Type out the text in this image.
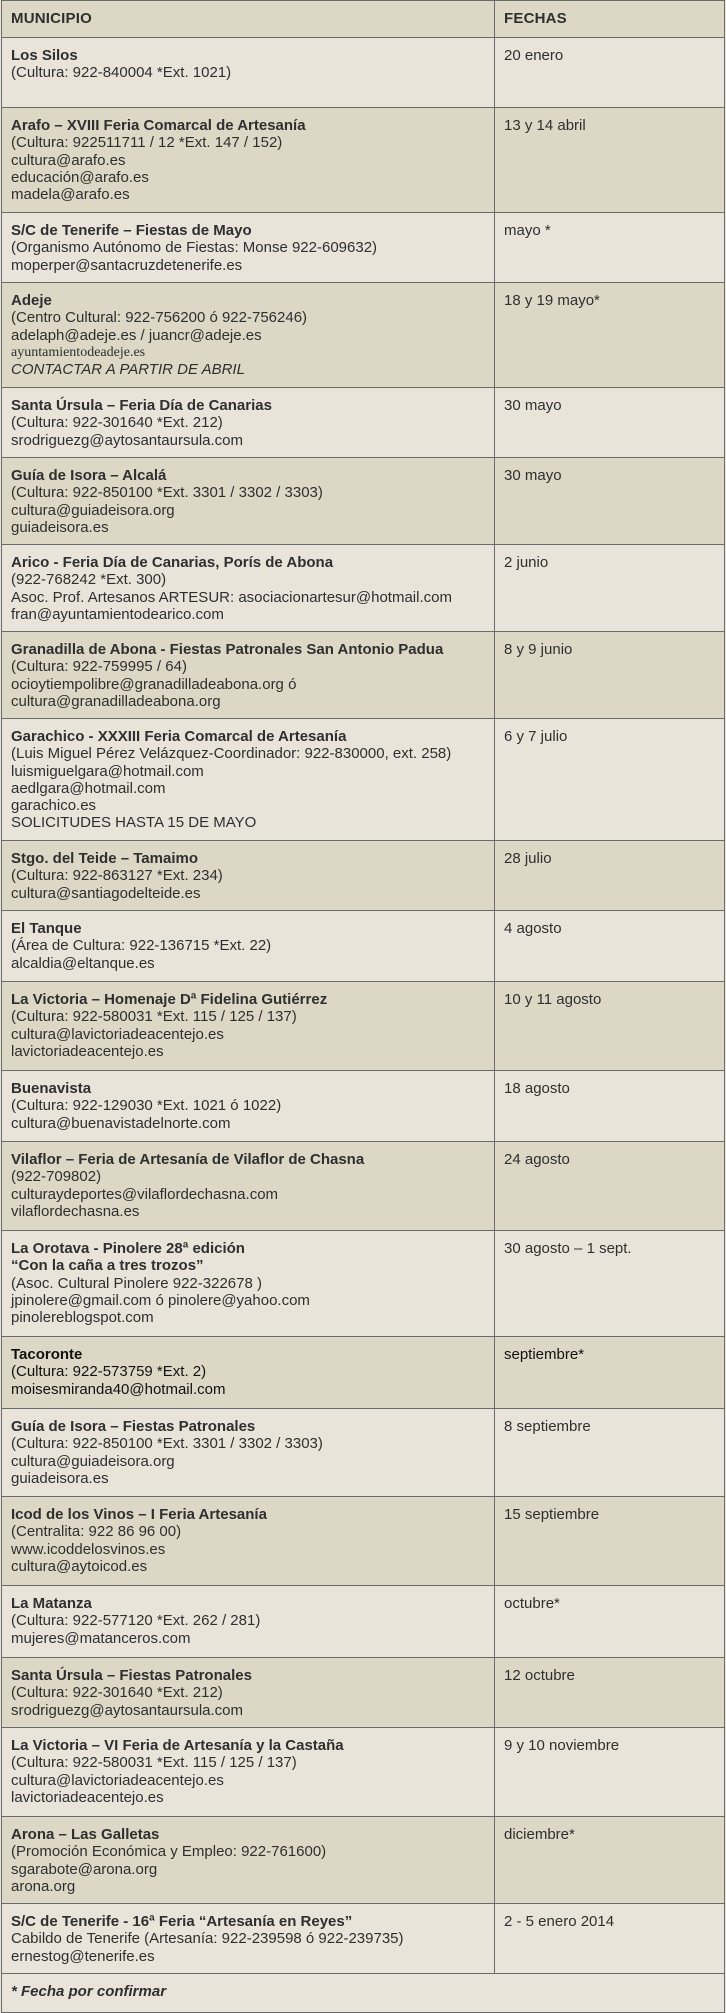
MUNICIPIO	FECHAS
Los Silos
(Cultura: 922-840004 *Ext. 1021)
20 enero
Arafo – XVIII Feria Comarcal de Artesanía
(Cultura: 922511711 / 12 *Ext. 147 / 152)
cultura@arafo.es
educación@arafo.es
madela@arafo.es
13 y 14 abril
S/C de Tenerife – Fiestas de Mayo
(Organismo Autónomo de Fiestas: Monse 922-609632)
moperper@santacruzdetenerife.es
mayo *
Adeje
(Centro Cultural: 922-756200 ó 922-756246)
adelaph@adeje.es / juancr@adeje.es
ayuntamientodeadeje.es
CONTACTAR A PARTIR DE ABRIL
18 y 19 mayo*
Santa Úrsula – Feria Día de Canarias
(Cultura: 922-301640 *Ext. 212)
srodriguezg@aytosantaursula.com
30 mayo
Guía de Isora – Alcalá
(Cultura: 922-850100 *Ext. 3301 / 3302 / 3303)
cultura@guiadeisora.org
guiadeisora.es
30 mayo
Arico - Feria Día de Canarias, Porís de Abona
(922-768242 *Ext. 300)
Asoc. Prof. Artesanos ARTESUR: asociacionartesur@hotmail.com
fran@ayuntamientodearico.com
2 junio
Granadilla de Abona - Fiestas Patronales San Antonio Padua
(Cultura: 922-759995 / 64)
ocioytiempolibre@granadilladeabona.org ó
cultura@granadilladeabona.org
8 y 9 junio
Garachico - XXXIII Feria Comarcal de Artesanía
(Luis Miguel Pérez Velázquez-Coordinador: 922-830000, ext. 258)
luismiguelgara@hotmail.com
aedlgara@hotmail.com
garachico.es
SOLICITUDES HASTA 15 DE MAYO
6 y 7 julio
Stgo. del Teide – Tamaimo
(Cultura: 922-863127 *Ext. 234)
cultura@santiagodelteide.es
28 julio
El Tanque
(Área de Cultura: 922-136715 *Ext. 22)
alcaldia@eltanque.es
4 agosto
La Victoria – Homenaje Dª Fidelina Gutiérrez
(Cultura: 922-580031 *Ext. 115 / 125 / 137)
cultura@lavictoriadeacentejo.es
lavictoriadeacentejo.es
10 y 11 agosto
Buenavista
(Cultura: 922-129030 *Ext. 1021 ó 1022)
cultura@buenavistadelnorte.com
18 agosto
Vilaflor – Feria de Artesanía de Vilaflor de Chasna
(922-709802)
culturaydeportes@vilaflordechasna.com
vilaflordechasna.es
24 agosto
La Orotava - Pinolere 28ª edición
“Con la caña a tres trozos”
(Asoc. Cultural Pinolere 922-322678 )
jpinolere@gmail.com ó pinolere@yahoo.com
pinolereblogspot.com
30 agosto – 1 sept.
Tacoronte
(Cultura: 922-573759 *Ext. 2)
moisesmiranda40@hotmail.com
septiembre*
Guía de Isora – Fiestas Patronales
(Cultura: 922-850100 *Ext. 3301 / 3302 / 3303)
cultura@guiadeisora.org
guiadeisora.es
8 septiembre
Icod de los Vinos – I Feria Artesanía
(Centralita: 922 86 96 00)
www.icoddelosvinos.es
cultura@aytoicod.es
15 septiembre
La Matanza
(Cultura: 922-577120 *Ext. 262 / 281)
mujeres@matanceros.com
octubre*
Santa Úrsula – Fiestas Patronales
(Cultura: 922-301640 *Ext. 212)
srodriguezg@aytosantaursula.com
12 octubre
La Victoria – VI Feria de Artesanía y la Castaña
(Cultura: 922-580031 *Ext. 115 / 125 / 137)
cultura@lavictoriadeacentejo.es
lavictoriadeacentejo.es
9 y 10 noviembre
Arona – Las Galletas
(Promoción Económica y Empleo: 922-761600)
sgarabote@arona.org
arona.org
diciembre*
S/C de Tenerife - 16ª Feria “Artesanía en Reyes”
Cabildo de Tenerife (Artesanía: 922-239598 ó 922-239735)
ernestog@tenerife.es
2 - 5 enero 2014
* Fecha por confirmar
